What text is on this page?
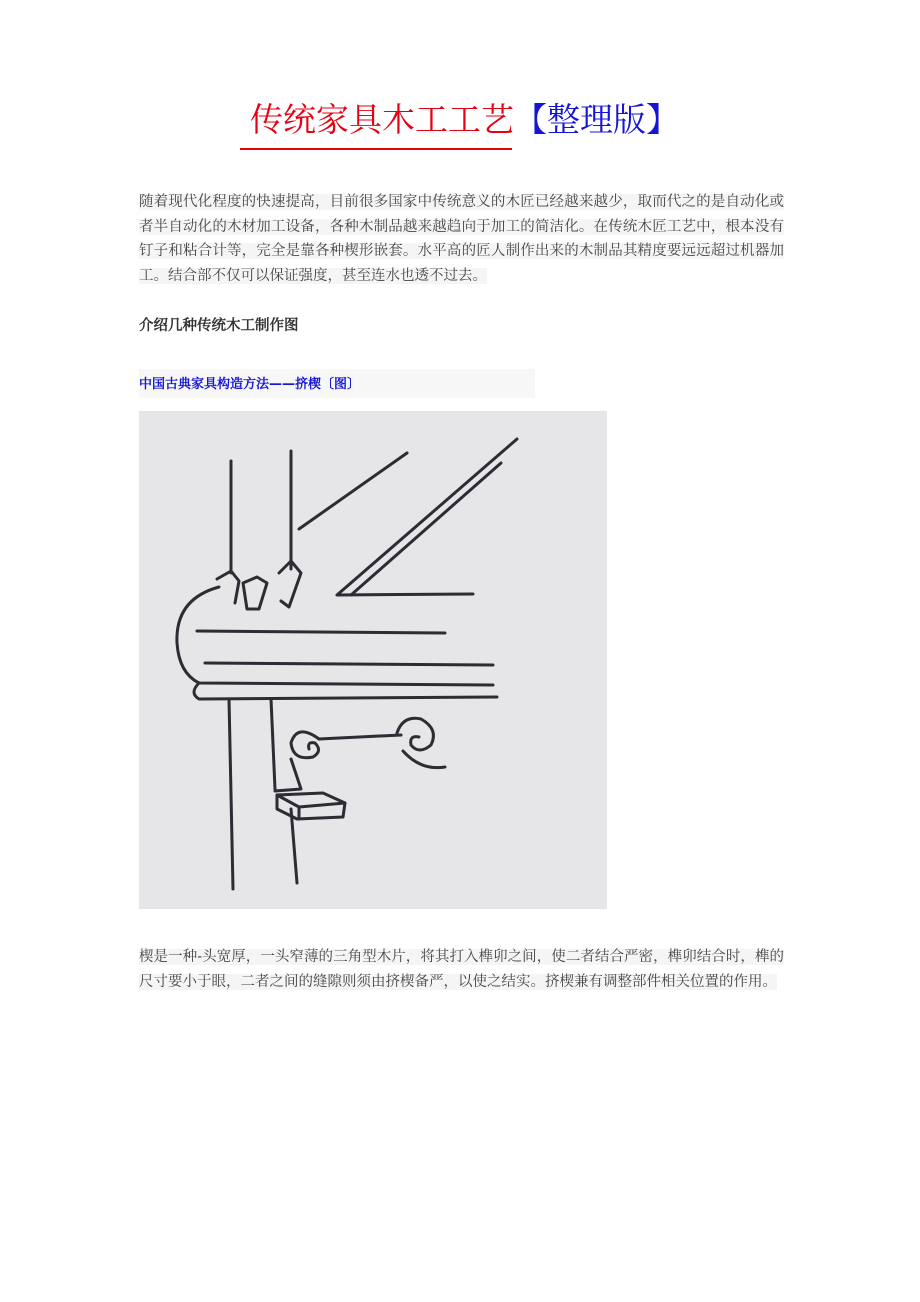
传统家具木工工艺【整理版】

随着现代化程度的快速提高，目前很多国家中传统意义的木匠已经越来越少，取而代之的是自动化或者半自动化的木材加工设备，各种木制品越来越趋向于加工的简洁化。在传统木匠工艺中，根本没有钉子和粘合计等，完全是靠各种楔形嵌套。水平高的匠人制作出来的木制品其精度要远远超过机器加工。结合部不仅可以保证强度，甚至连水也透不过去。

介绍几种传统木工制作图
中国古典家具构造方法——挤楔〔图〕

楔是一种-头宽厚，一头窄薄的三角型木片，将其打入榫卯之间，使二者结合严密，榫卯结合时，榫的尺寸要小于眼，二者之间的缝隙则须由挤楔备严，以使之结实。挤楔兼有调整部件相关位置的作用。
